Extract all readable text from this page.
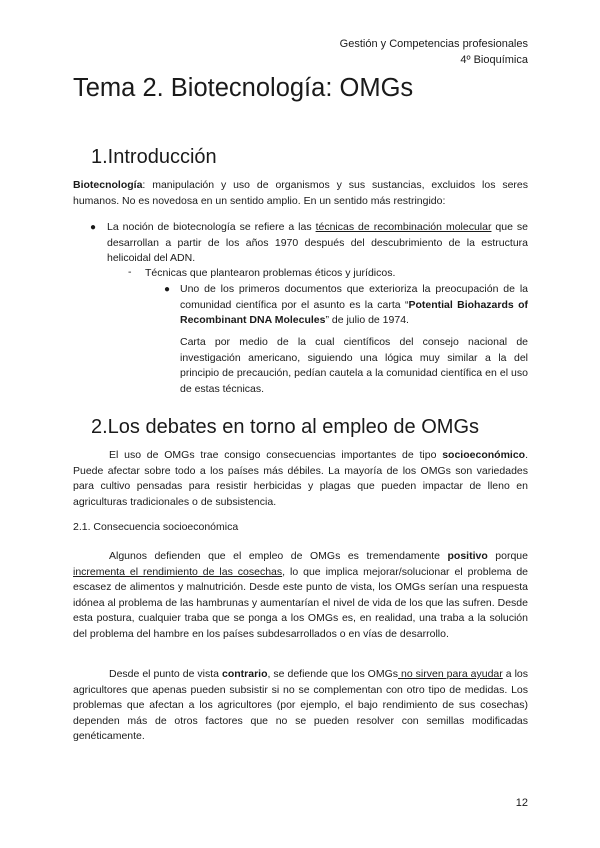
Gestión y Competencias profesionales
4º Bioquímica
Tema 2. Biotecnología: OMGs
1.Introducción

Biotecnología: manipulación y uso de organismos y sus sustancias, excluidos los seres humanos. No es novedosa en un sentido amplio. En un sentido más restringido:

● La noción de biotecnología se refiere a las técnicas de recombinación molecular que se desarrollan a partir de los años 1970 después del descubrimiento de la estructura helicoidal del ADN.

- Técnicas que plantearon problemas éticos y jurídicos.

● Uno de los primeros documentos que exterioriza la preocupación de la comunidad científica por el asunto es la carta “Potential Biohazards of Recombinant DNA Molecules” de julio de 1974.

Carta por medio de la cual científicos del consejo nacional de investigación americano, siguiendo una lógica muy similar a la del principio de precaución, pedían cautela a la comunidad científica en el uso de estas técnicas.

2.Los debates en torno al empleo de OMGs

El uso de OMGs trae consigo consecuencias importantes de tipo socioeconómico. Puede afectar sobre todo a los países más débiles. La mayoría de los OMGs son variedades para cultivo pensadas para resistir herbicidas y plagas que pueden impactar de lleno en agriculturas tradicionales o de subsistencia.

2.1. Consecuencia socioeconómica

Algunos defienden que el empleo de OMGs es tremendamente positivo porque incrementa el rendimiento de las cosechas, lo que implica mejorar/solucionar el problema de escasez de alimentos y malnutrición. Desde este punto de vista, los OMGs serían una respuesta idónea al problema de las hambrunas y aumentarían el nivel de vida de los que las sufren. Desde esta postura, cualquier traba que se ponga a los OMGs es, en realidad, una traba a la solución del problema del hambre en los países subdesarrollados o en vías de desarrollo.

Desde el punto de vista contrario, se defiende que los OMGs no sirven para ayudar a los agricultores que apenas pueden subsistir si no se complementan con otro tipo de medidas. Los problemas que afectan a los agricultores (por ejemplo, el bajo rendimiento de sus cosechas) dependen más de otros factores que no se pueden resolver con semillas modificadas genéticamente.

12
